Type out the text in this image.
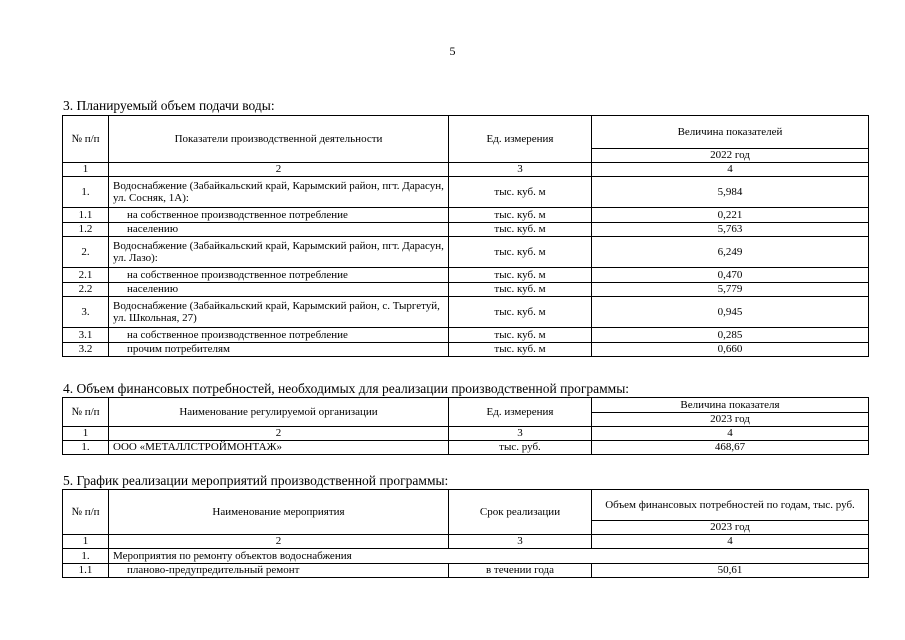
5
3. Планируемый объем подачи воды:
№ п/п	Показатели производственной деятельности	Ед. измерения	Величина показателей
			2022 год
1	2	3	4
1.	Водоснабжение (Забайкальский край, Карымский район, пгт. Дарасун, ул. Сосняк, 1А):	тыс. куб. м	5,984
1.1	на собственное производственное потребление	тыс. куб. м	0,221
1.2	населению	тыс. куб. м	5,763
2.	Водоснабжение (Забайкальский край, Карымский район, пгт. Дарасун, ул. Лазо):	тыс. куб. м	6,249
2.1	на собственное производственное потребление	тыс. куб. м	0,470
2.2	населению	тыс. куб. м	5,779
3.	Водоснабжение (Забайкальский край, Карымский район, с. Тыргетуй, ул. Школьная, 27)	тыс. куб. м	0,945
3.1	на собственное производственное потребление	тыс. куб. м	0,285
3.2	прочим потребителям	тыс. куб. м	0,660
4. Объем финансовых потребностей, необходимых для реализации производственной программы:
№ п/п	Наименование регулируемой организации	Ед. измерения	Величина показателя
			2023 год
1	2	3	4
1.	ООО «МЕТАЛЛСТРОЙМОНТАЖ»	тыс. руб.	468,67
5. График реализации мероприятий производственной программы:
№ п/п	Наименование мероприятия	Срок реализации	Объем финансовых потребностей по годам, тыс. руб.
			2023 год
1	2	3	4
1.	Мероприятия по ремонту объектов водоснабжения		
1.1	планово-предупредительный ремонт	в течении года	50,61
